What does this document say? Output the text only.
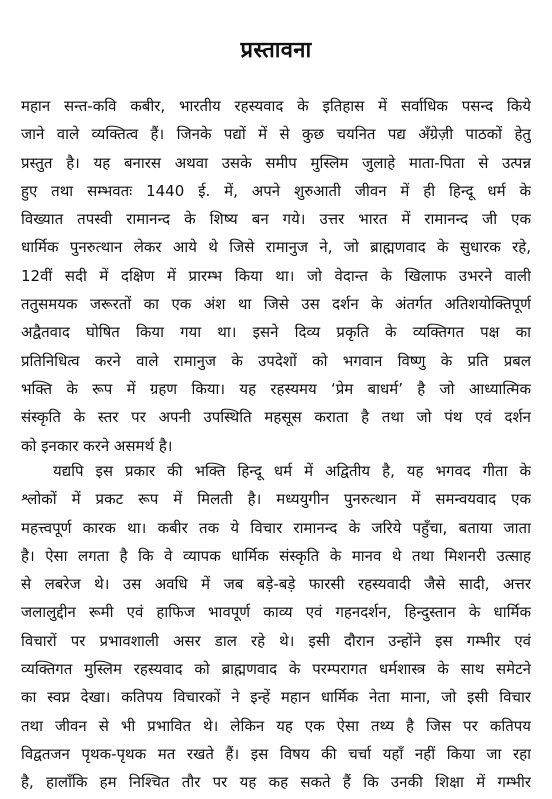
प्रस्तावना
महान सन्त-कवि कबीर, भारतीय रहस्यवाद के इतिहास में सर्वाधिक पसन्द किये
जाने वाले व्यक्तित्व हैं। जिनके पद्यों में से कुछ चयनित पद्य अँग्रेज़ी पाठकों हेतु
प्रस्तुत है। यह बनारस अथवा उसके समीप मुस्लिम जुलाहे माता-पिता से उत्पन्न
हुए तथा सम्भवतः 1440 ई. में, अपने शुरुआती जीवन में ही हिन्दू धर्म के
विख्यात तपस्वी रामानन्द के शिष्य बन गये। उत्तर भारत में रामानन्द जी एक
धार्मिक पुनरुत्थान लेकर आये थे जिसे रामानुज ने, जो ब्राह्मणवाद के सुधारक रहे,
12वीं सदी में दक्षिण में प्रारम्भ किया था। जो वेदान्त के खिलाफ उभरने वाली
ततुसमयक जरूरतों का एक अंश था जिसे उस दर्शन के अंतर्गत अतिशयोक्तिपूर्ण
अद्वैतवाद घोषित किया गया था। इसने दिव्य प्रकृति के व्यक्तिगत पक्ष का
प्रतिनिधित्व करने वाले रामानुज के उपदेशों को भगवान विष्णु के प्रति प्रबल
भक्ति के रूप में ग्रहण किया। यह रहस्यमय ‘प्रेम बाधर्म’ है जो आध्यात्मिक
संस्कृति के स्तर पर अपनी उपस्थिति महसूस कराता है तथा जो पंथ एवं दर्शन
को इनकार करने असमर्थ है।
यद्यपि इस प्रकार की भक्ति हिन्दू धर्म में अद्वितीय है, यह भगवद गीता के
श्लोकों में प्रकट रूप में मिलती है। मध्ययुगीन पुनरुत्थान में समन्वयवाद एक
महत्त्वपूर्ण कारक था। कबीर तक ये विचार रामानन्द के जरिये पहुँचा, बताया जाता
है। ऐसा लगता है कि वे व्यापक धार्मिक संस्कृति के मानव थे तथा मिशनरी उत्साह
से लबरेज थे। उस अवधि में जब बड़े-बड़े फारसी रहस्यवादी जैसे सादी, अत्तर
जलालुद्दीन रूमी एवं हाफिज भावपूर्ण काव्य एवं गहनदर्शन, हिन्दुस्तान के धार्मिक
विचारों पर प्रभावशाली असर डाल रहे थे। इसी दौरान उन्होंने इस गम्भीर एवं
व्यक्तिगत मुस्लिम रहस्यवाद को ब्राह्मणवाद के परम्परागत धर्मशास्त्र के साथ समेटने
का स्वप्न देखा। कतिपय विचारकों ने इन्हें महान धार्मिक नेता माना, जो इसी विचार
तथा जीवन से भी प्रभावित थे। लेकिन यह एक ऐसा तथ्य है जिस पर कतिपय
विद्वतजन पृथक-पृथक मत रखते हैं। इस विषय की चर्चा यहाँ नहीं किया जा रहा
है, हालाँकि हम निश्चित तौर पर यह कह सकते हैं कि उनकी शिक्षा में गम्भीर
